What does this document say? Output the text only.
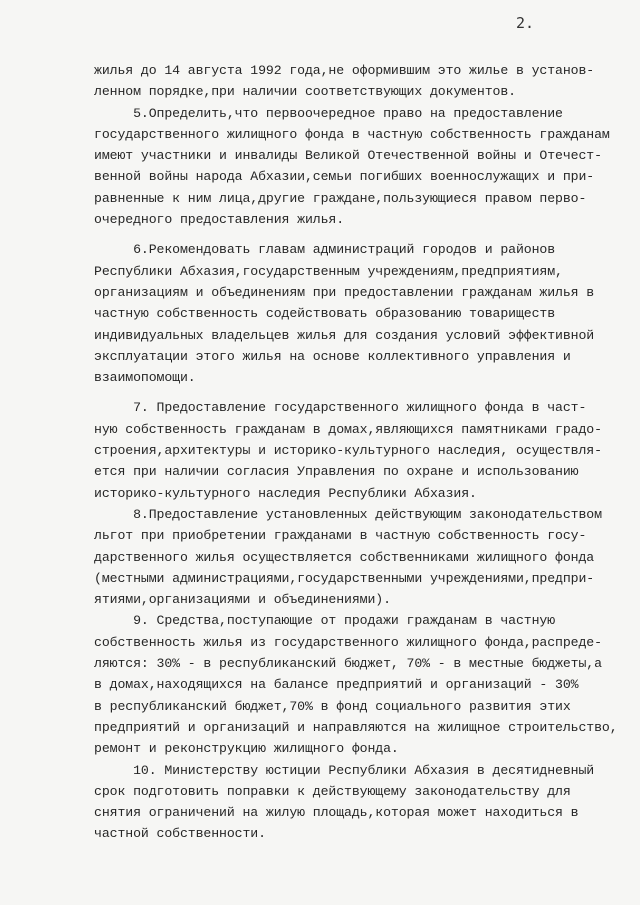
2.
жилья до 14 августа 1992 года,не оформившим это жилье в установ-
ленном порядке,при наличии соответствующих документов.
5.Определить,что первоочередное право на предоставление
государственного жилищного фонда в частную собственность гражданам
имеют участники и инвалиды Великой Отечественной войны и Отечест-
венной войны народа Абхазии,семьи погибших военнослужащих и при-
равненные к ним лица,другие граждане,пользующиеся правом перво-
очередного предоставления жилья.
6.Рекомендовать главам администраций городов и районов
Республики Абхазия,государственным учреждениям,предприятиям,
организациям и объединениям при предоставлении гражданам жилья в
частную собственность содействовать образованию товариществ
индивидуальных владельцев жилья для создания условий эффективной
эксплуатации этого жилья на основе коллективного управления и
взаимопомощи.
7. Предоставление государственного жилищного фонда в част-
ную собственность гражданам в домах,являющихся памятниками градо-
строения,архитектуры и историко-культурного наследия, осуществля-
ется при наличии согласия Управления по охране и использованию
историко-культурного наследия Республики Абхазия.
8.Предоставление установленных действующим законодательством
льгот при приобретении гражданами в частную собственность госу-
дарственного жилья осуществляется собственниками жилищного фонда
(местными администрациями,государственными учреждениями,предпри-
ятиями,организациями и объединениями).
9. Средства,поступающие от продажи гражданам в частную
собственность жилья из государственного жилищного фонда,распреде-
ляются: 30% - в республиканский бюджет, 70% - в местные бюджеты,а
в домах,находящихся на балансе предприятий и организаций - 30%
в республиканский бюджет,70% в фонд социального развития этих
предприятий и организаций и направляются на жилищное строительство,
ремонт и реконструкцию жилищного фонда.
10. Министерству юстиции Республики Абхазия в десятидневный
срок подготовить поправки к действующему законодательству для
снятия ограничений на жилую площадь,которая может находиться в
частной собственности.
